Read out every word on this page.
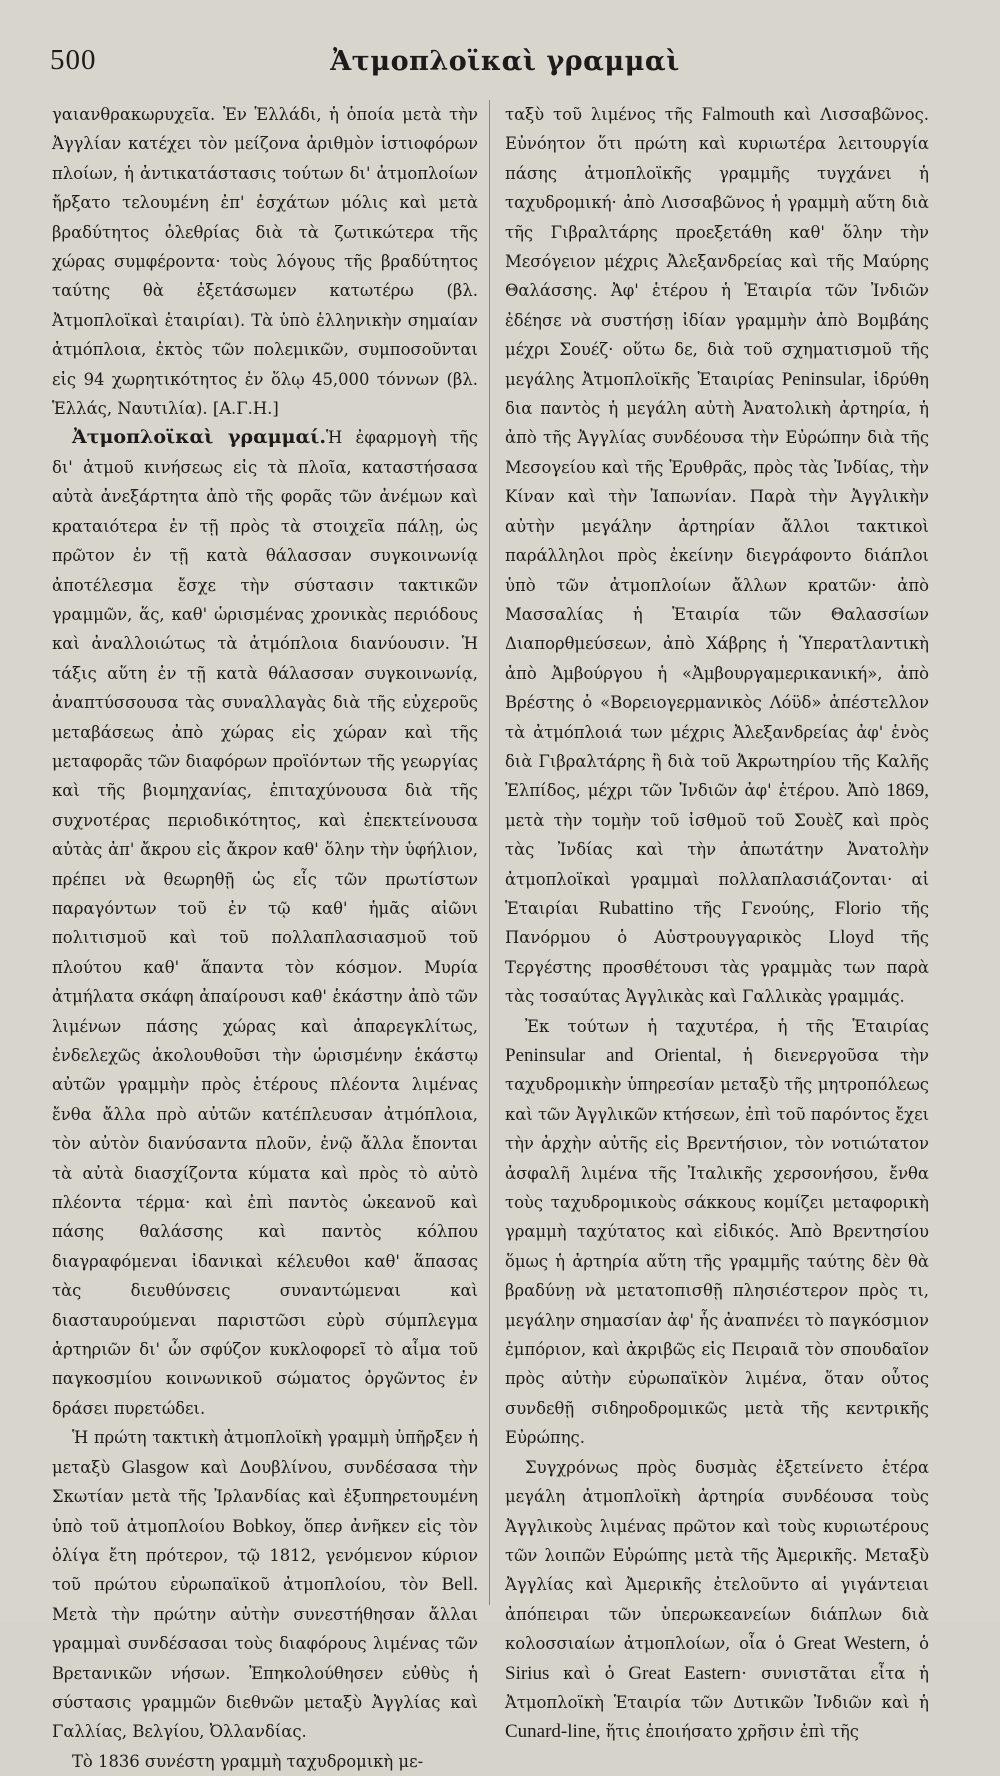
500	Ἀτμοπλοϊκαὶ γραμμαὶ

γαιανθρακωρυχεῖα. Ἐν Ἑλλάδι, ἡ ὁποία μετὰ τὴν Ἀγγλίαν κατέχει τὸν μείζονα ἀριθμὸν ἱστιοφόρων πλοίων, ἡ ἀντικατάστασις τούτων δι' ἀτμοπλοίων ἤρξατο τελουμένη ἐπ' ἐσχάτων μόλις καὶ μετὰ βραδύτητος ὀλεθρίας διὰ τὰ ζωτικώτερα τῆς χώρας συμφέροντα· τοὺς λόγους τῆς βραδύτητος ταύτης θὰ ἐξετάσωμεν κατωτέρω (βλ. Ἀτμοπλοϊκαὶ ἑταιρίαι). Τὰ ὑπὸ ἑλληνικὴν σημαίαν ἀτμόπλοια, ἐκτὸς τῶν πολεμικῶν, συμποσοῦνται εἰς 94 χωρητικότητος ἐν ὅλῳ 45,000 τόννων (βλ. Ἑλλάς, Ναυτιλία). [Α.Γ.Η.]

Ἀτμοπλοϊκαὶ γραμμαί.Ἡ ἐφαρμογὴ τῆς δι' ἀτμοῦ κινήσεως εἰς τὰ πλοῖα, καταστήσασα αὐτὰ ἀνεξάρτητα ἀπὸ τῆς φορᾶς τῶν ἀνέμων καὶ κραταιότερα ἐν τῇ πρὸς τὰ στοιχεῖα πάλῃ, ὡς πρῶτον ἐν τῇ κατὰ θάλασσαν συγκοινωνίᾳ ἀποτέλεσμα ἔσχε τὴν σύστασιν τακτικῶν γραμμῶν, ἅς, καθ' ὡρισμένας χρονικὰς περιόδους καὶ ἀναλλοιώτως τὰ ἀτμόπλοια διανύουσιν. Ἡ τάξις αὕτη ἐν τῇ κατὰ θάλασσαν συγκοινωνίᾳ, ἀναπτύσσουσα τὰς συναλλαγὰς διὰ τῆς εὐχεροῦς μεταβάσεως ἀπὸ χώρας εἰς χώραν καὶ τῆς μεταφορᾶς τῶν διαφόρων προϊόντων τῆς γεωργίας καὶ τῆς βιομηχανίας, ἐπιταχύνουσα διὰ τῆς συχνοτέρας περιοδικότητος, καὶ ἐπεκτείνουσα αὐτὰς ἀπ' ἄκρου εἰς ἄκρον καθ' ὅλην τὴν ὑφήλιον, πρέπει νὰ θεωρηθῇ ὡς εἷς τῶν πρωτίστων παραγόντων τοῦ ἐν τῷ καθ' ἡμᾶς αἰῶνι πολιτισμοῦ καὶ τοῦ πολλαπλασιασμοῦ τοῦ πλούτου καθ' ἅπαντα τὸν κόσμον. Μυρία ἀτμήλατα σκάφη ἀπαίρουσι καθ' ἑκάστην ἀπὸ τῶν λιμένων πάσης χώρας καὶ ἀπαρεγκλίτως, ἐνδελεχῶς ἀκολουθοῦσι τὴν ὡρισμένην ἑκάστῳ αὐτῶν γραμμὴν πρὸς ἑτέρους πλέοντα λιμένας ἔνθα ἄλλα πρὸ αὐτῶν κατέπλευσαν ἀτμόπλοια, τὸν αὐτὸν διανύσαντα πλοῦν, ἐνῷ ἄλλα ἔπονται τὰ αὐτὰ διασχίζοντα κύματα καὶ πρὸς τὸ αὐτὸ πλέοντα τέρμα· καὶ ἐπὶ παντὸς ὠκεανοῦ καὶ πάσης θαλάσσης καὶ παντὸς κόλπου διαγραφόμεναι ἰδανικαὶ κέλευθοι καθ' ἅπασας τὰς διευθύνσεις συναντώμεναι καὶ διασταυρούμεναι παριστῶσι εὐρὺ σύμπλεγμα ἀρτηριῶν δι' ὧν σφύζον κυκλοφορεῖ τὸ αἷμα τοῦ παγκοσμίου κοινωνικοῦ σώματος ὀργῶντος ἐν δράσει πυρετώδει.

Ἡ πρώτη τακτικὴ ἀτμοπλοϊκὴ γραμμὴ ὑπῆρξεν ἡ μεταξὺ Glasgow καὶ Δουβλίνου, συνδέσασα τὴν Σκωτίαν μετὰ τῆς Ἰρλανδίας καὶ ἐξυπηρετουμένη ὑπὸ τοῦ ἀτμοπλοίου Bobkoy, ὅπερ ἀνῆκεν εἰς τὸν ὀλίγα ἔτη πρότερον, τῷ 1812, γενόμενον κύριον τοῦ πρώτου εὐρωπαϊκοῦ ἀτμοπλοίου, τὸν Bell. Μετὰ τὴν πρώτην αὐτὴν συνεστήθησαν ἄλλαι γραμμαὶ συνδέσασαι τοὺς διαφόρους λιμένας τῶν Βρετανικῶν νήσων. Ἐπηκολούθησεν εὐθὺς ἡ σύστασις γραμμῶν διεθνῶν μεταξὺ Ἀγγλίας καὶ Γαλλίας, Βελγίου, Ὀλλανδίας.

Τὸ 1836 συνέστη γραμμὴ ταχυδρομικὴ με-

ταξὺ τοῦ λιμένος τῆς Falmouth καὶ Λισσαβῶνος. Εὐνόητον ὅτι πρώτη καὶ κυριωτέρα λειτουργία πάσης ἀτμοπλοϊκῆς γραμμῆς τυγχάνει ἡ ταχυδρομική· ἀπὸ Λισσαβῶνος ἡ γραμμὴ αὕτη διὰ τῆς Γιβραλτάρης προεξετάθη καθ' ὅλην τὴν Μεσόγειον μέχρις Ἀλεξανδρείας καὶ τῆς Μαύρης Θαλάσσης. Ἀφ' ἑτέρου ἡ Ἑταιρία τῶν Ἰνδιῶν ἐδέησε νὰ συστήσῃ ἰδίαν γραμμὴν ἀπὸ Βομβάης μέχρι Σουέζ· οὕτω δε, διὰ τοῦ σχηματισμοῦ τῆς μεγάλης Ἀτμοπλοϊκῆς Ἑταιρίας Peninsular, ἱδρύθη δια παντὸς ἡ μεγάλη αὐτὴ Ἀνατολικὴ ἀρτηρία, ἡ ἀπὸ τῆς Ἀγγλίας συνδέουσα τὴν Εὐρώπην διὰ τῆς Μεσογείου καὶ τῆς Ἐρυθρᾶς, πρὸς τὰς Ἰνδίας, τὴν Κίναν καὶ τὴν Ἰαπωνίαν. Παρὰ τὴν Ἀγγλικὴν αὐτὴν μεγάλην ἀρτηρίαν ἄλλοι τακτικοὶ παράλληλοι πρὸς ἐκείνην διεγράφοντο διάπλοι ὑπὸ τῶν ἀτμοπλοίων ἄλλων κρατῶν· ἀπὸ Μασσαλίας ἡ Ἑταιρία τῶν Θαλασσίων Διαπορθμεύσεων, ἀπὸ Χάβρης ἡ Ὑπερατλαντικὴ ἀπὸ Ἀμβούργου ἡ «Ἀμβουργαμερικανική», ἀπὸ Βρέστης ὁ «Βορειογερμανικὸς Λόϋδ» ἀπέστελλον τὰ ἀτμόπλοιά των μέχρις Ἀλεξανδρείας ἀφ' ἑνὸς διὰ Γιβραλτάρης ἢ διὰ τοῦ Ἀκρωτηρίου τῆς Καλῆς Ἐλπίδος, μέχρι τῶν Ἰνδιῶν ἀφ' ἑτέρου. Ἀπὸ 1869, μετὰ τὴν τομὴν τοῦ ἰσθμοῦ τοῦ Σουὲζ καὶ πρὸς τὰς Ἰνδίας καὶ τὴν ἀπωτάτην Ἀνατολὴν ἀτμοπλοϊκαὶ γραμμαὶ πολλαπλασιάζονται· αἱ Ἑταιρίαι Rubattino τῆς Γενούης, Florio τῆς Πανόρμου ὁ Αὐστρουγγαρικὸς Lloyd τῆς Τεργέστης προσθέτουσι τὰς γραμμὰς των παρὰ τὰς τοσαύτας Ἀγγλικὰς καὶ Γαλλικὰς γραμμάς.

Ἐκ τούτων ἡ ταχυτέρα, ἡ τῆς Ἑταιρίας Peninsular and Oriental, ἡ διενεργοῦσα τὴν ταχυδρομικὴν ὑπηρεσίαν μεταξὺ τῆς μητροπόλεως καὶ τῶν Ἀγγλικῶν κτήσεων, ἐπὶ τοῦ παρόντος ἔχει τὴν ἀρχὴν αὐτῆς εἰς Βρεντήσιον, τὸν νοτιώτατον ἀσφαλῆ λιμένα τῆς Ἰταλικῆς χερσονήσου, ἔνθα τοὺς ταχυδρομικοὺς σάκκους κομίζει μεταφορικὴ γραμμὴ ταχύτατος καὶ εἰδικός. Ἀπὸ Βρεντησίου ὅμως ἡ ἀρτηρία αὕτη τῆς γραμμῆς ταύτης δὲν θὰ βραδύνῃ νὰ μετατοπισθῇ πλησιέστερον πρὸς τι, μεγάλην σημασίαν ἀφ' ἧς ἀναπνέει τὸ παγκόσμιον ἐμπόριον, καὶ ἀκριβῶς εἰς Πειραιᾶ τὸν σπουδαῖον πρὸς αὐτὴν εὐρωπαϊκὸν λιμένα, ὅταν οὗτος συνδεθῇ σιδηροδρομικῶς μετὰ τῆς κεντρικῆς Εὐρώπης.

Συγχρόνως πρὸς δυσμὰς ἐξετείνετο ἑτέρα μεγάλη ἀτμοπλοϊκὴ ἀρτηρία συνδέουσα τοὺς Ἀγγλικοὺς λιμένας πρῶτον καὶ τοὺς κυριωτέρους τῶν λοιπῶν Εὐρώπης μετὰ τῆς Ἀμερικῆς. Μεταξὺ Ἀγγλίας καὶ Ἀμερικῆς ἐτελοῦντο αἱ γιγάντειαι ἀπόπειραι τῶν ὑπερωκεανείων διάπλων διὰ κολοσσιαίων ἀτμοπλοίων, οἷα ὁ Great Western, ὁ Sirius καὶ ὁ Great Eastern· συνιστᾶται εἶτα ἡ Ἀτμοπλοϊκὴ Ἑταιρία τῶν Δυτικῶν Ἰνδιῶν καὶ ἡ Cunard-line, ἥτις ἐποιήσατο χρῆσιν ἐπὶ τῆς
